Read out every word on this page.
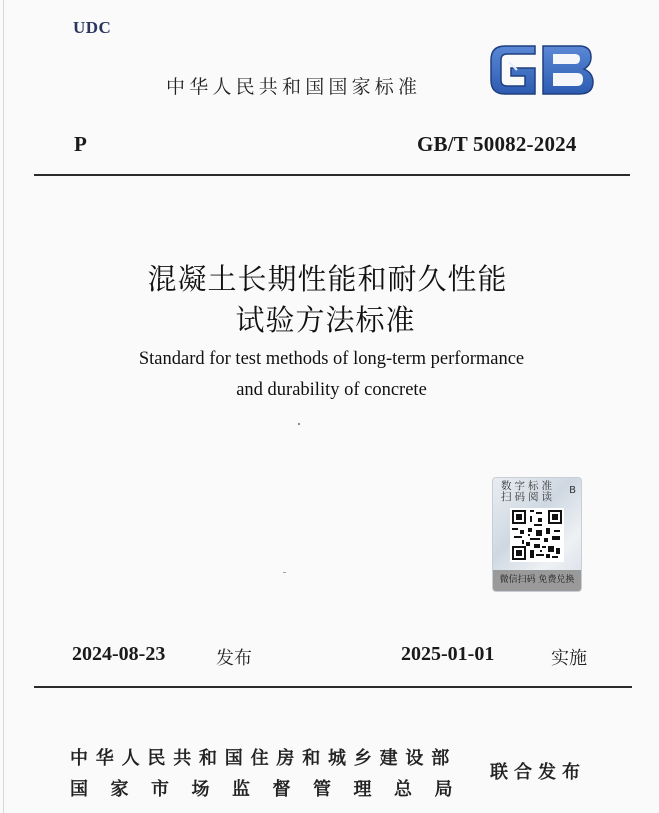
UDC
中华人民共和国国家标准
P	GB/T 50082-2024
混凝土长期性能和耐久性能
试验方法标准
Standard for test methods of long-term performance
and durability of concrete
数字标准
扫码阅读
B
微信扫码 免费兑换
2024-08-23	发布	2025-01-01	实施
中华人民共和国住房和城乡建设部
国家市场监督管理总局
联合发布
